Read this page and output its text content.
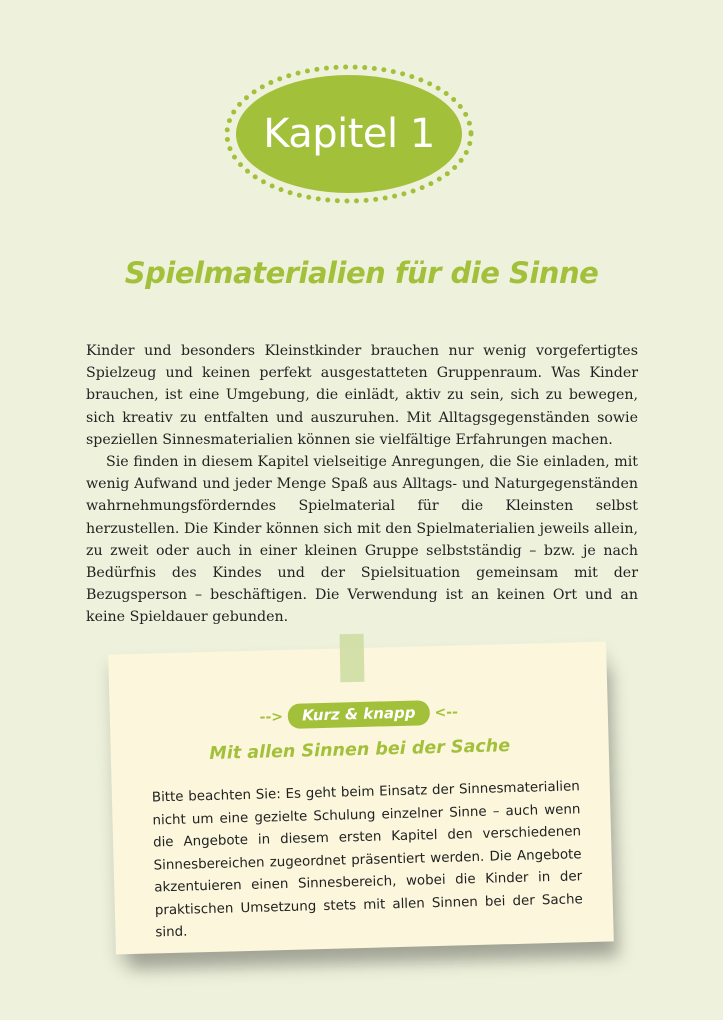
Kapitel 1
Spielmaterialien für die Sinne

Kinder und besonders Kleinstkinder brauchen nur wenig vorgefertigtes Spielzeug und keinen perfekt ausgestatteten Gruppenraum. Was Kinder brauchen, ist eine Umgebung, die einlädt, aktiv zu sein, sich zu bewegen, sich kreativ zu entfalten und auszuruhen. Mit Alltagsgegenständen sowie speziellen Sinnesmaterialien können sie vielfältige Erfahrungen machen.

Sie finden in diesem Kapitel vielseitige Anregungen, die Sie einladen, mit wenig Aufwand und jeder Menge Spaß aus Alltags- und Naturgegenständen wahrnehmungsförderndes Spielmaterial für die Kleinsten selbst herzustellen. Die Kinder können sich mit den Spielmaterialien jeweils allein, zu zweit oder auch in einer kleinen Gruppe selbstständig – bzw. je nach Bedürfnis des Kindes und der Spielsituation gemeinsam mit der Bezugsperson – beschäftigen. Die Verwendung ist an keinen Ort und an keine Spieldauer gebunden.

--> Kurz & knapp <--
Mit allen Sinnen bei der Sache
Bitte beachten Sie: Es geht beim Einsatz der Sinnesmaterialien nicht um eine gezielte Schulung einzelner Sinne – auch wenn die Angebote in diesem ersten Kapitel den verschiedenen Sinnesbereichen zugeordnet präsentiert werden. Die Angebote akzentuieren einen Sinnesbereich, wobei die Kinder in der praktischen Umsetzung stets mit allen Sinnen bei der Sache sind.
